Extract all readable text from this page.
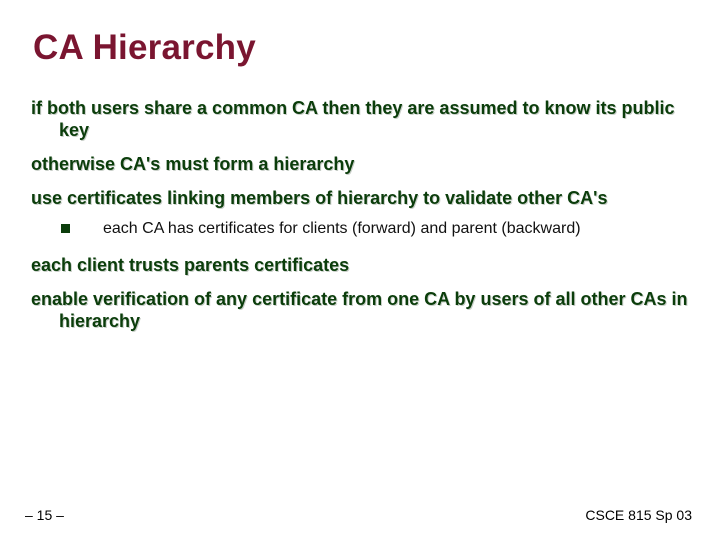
CA Hierarchy

if both users share a common CA then they are assumed to know its public key

otherwise CA's must form a hierarchy

use certificates linking members of hierarchy to validate other CA's

each CA has certificates for clients (forward) and parent (backward)

each client trusts parents certificates

enable verification of any certificate from one CA by users of all other CAs in hierarchy

– 15 –	CSCE 815 Sp 03
